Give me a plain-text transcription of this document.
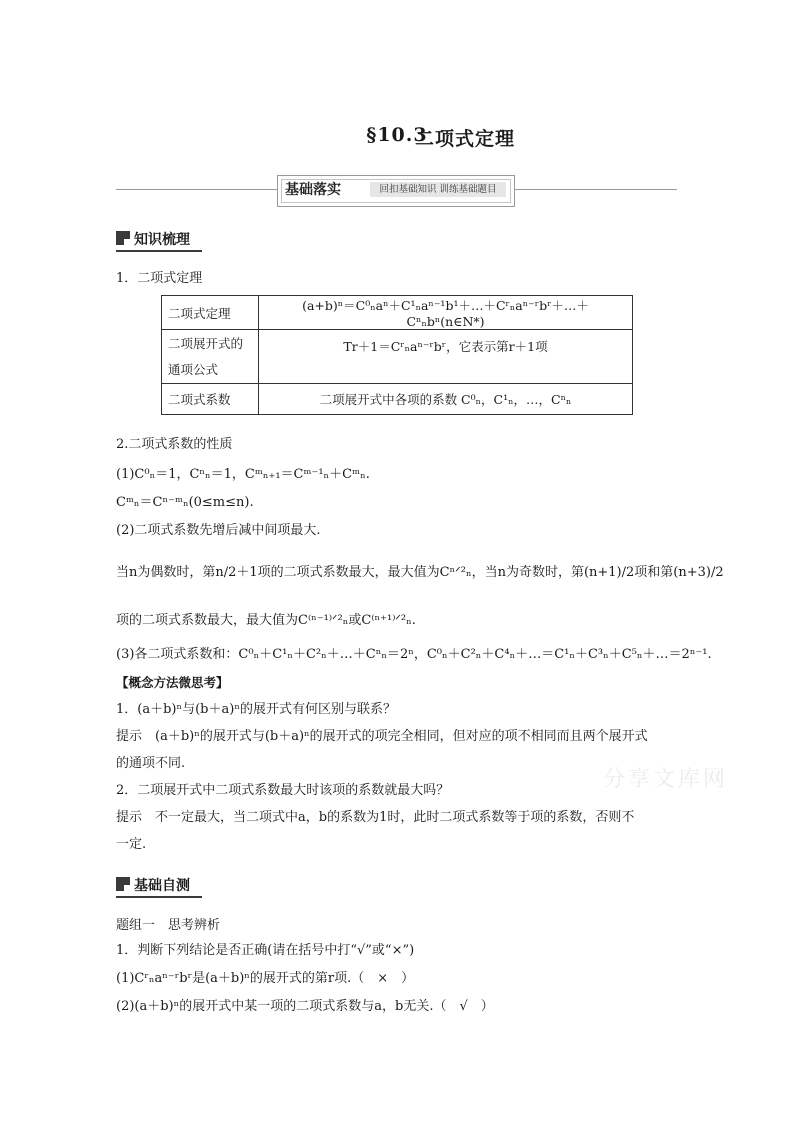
§10.3
二项式定理
基础落实	回扣基础知识 训练基础题目
知识梳理
1．二项式定理
二项式定理	(a+b)ⁿ＝C⁰ₙaⁿ＋C¹ₙaⁿ⁻¹b¹＋…＋Cʳₙaⁿ⁻ʳbʳ＋…＋Cⁿₙbⁿ(n∈N*)
二项展开式的通项公式	Tr＋1＝Cʳₙaⁿ⁻ʳbʳ，它表示第r＋1项
二项式系数	二项展开式中各项的系数 C⁰ₙ，C¹ₙ，…，Cⁿₙ
2.二项式系数的性质
(1)C⁰ₙ＝1，Cⁿₙ＝1，Cᵐₙ₊₁＝Cᵐ⁻¹ₙ＋Cᵐₙ.
Cᵐₙ＝Cⁿ⁻ᵐₙ(0≤m≤n).
(2)二项式系数先增后减中间项最大.
当n为偶数时，第n/2＋1项的二项式系数最大，最大值为Cⁿᐟ²ₙ，当n为奇数时，第(n+1)/2项和第(n+3)/2
项的二项式系数最大，最大值为C⁽ⁿ⁻¹⁾ᐟ²ₙ或C⁽ⁿ⁺¹⁾ᐟ²ₙ.
(3)各二项式系数和：C⁰ₙ＋C¹ₙ＋C²ₙ＋…＋Cⁿₙ＝2ⁿ，C⁰ₙ＋C²ₙ＋C⁴ₙ＋…＝C¹ₙ＋C³ₙ＋C⁵ₙ＋…＝2ⁿ⁻¹.
【概念方法微思考】
1．(a＋b)ⁿ与(b＋a)ⁿ的展开式有何区别与联系？
提示　(a＋b)ⁿ的展开式与(b＋a)ⁿ的展开式的项完全相同，但对应的项不相同而且两个展开式
的通项不同.
2．二项展开式中二项式系数最大时该项的系数就最大吗？
提示　不一定最大，当二项式中a，b的系数为1时，此时二项式系数等于项的系数，否则不
一定.
分享文库网
基础自测
题组一　思考辨析
1．判断下列结论是否正确(请在括号中打“√”或“×”)
(1)Cʳₙaⁿ⁻ʳbʳ是(a＋b)ⁿ的展开式的第r项.（　×　）
(2)(a＋b)ⁿ的展开式中某一项的二项式系数与a，b无关.（　√　）
